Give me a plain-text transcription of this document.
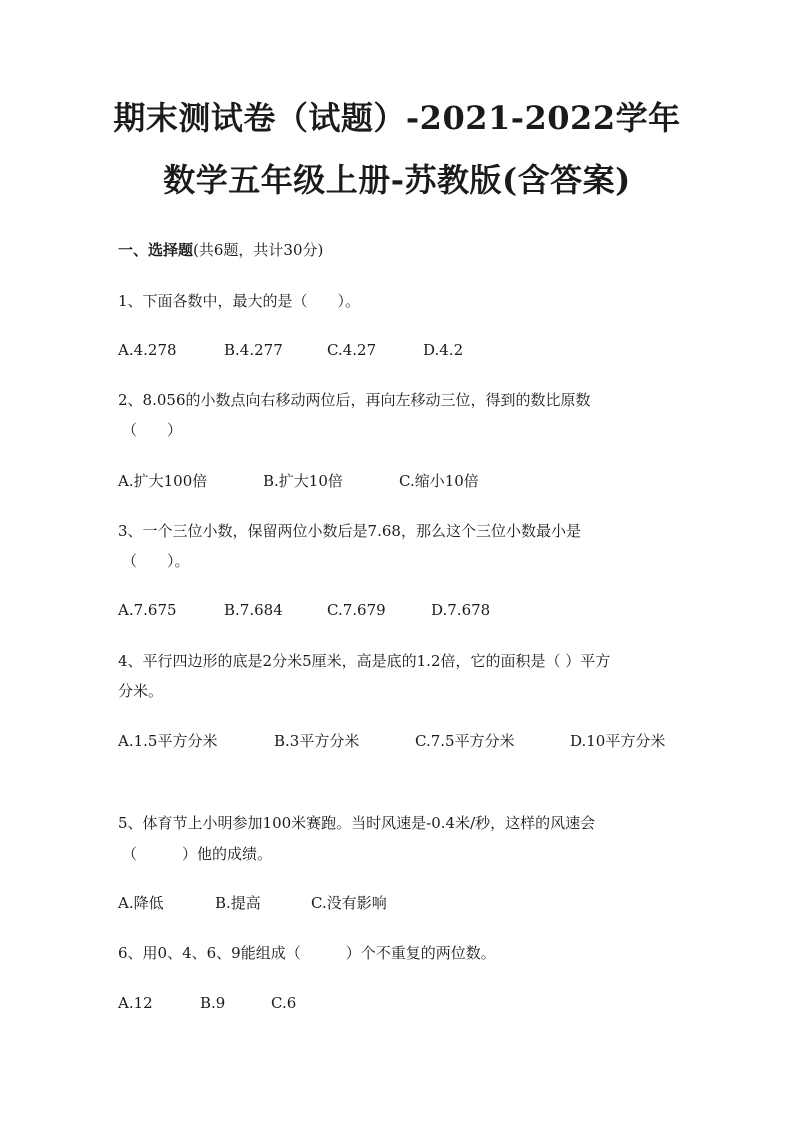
期末测试卷（试题）-2021-2022学年
数学五年级上册-苏教版(含答案)
一、选择题(共6题，共计30分)
1、下面各数中，最大的是（　　）。
A.4.278	B.4.277	C.4.27	D.4.2
2、8.056的小数点向右移动两位后，再向左移动三位，得到的数比原数
（　　）
A.扩大100倍	B.扩大10倍	C.缩小10倍
3、一个三位小数，保留两位小数后是7.68，那么这个三位小数最小是
（　　）。
A.7.675	B.7.684	C.7.679	D.7.678
4、平行四边形的底是2分米5厘米，高是底的1.2倍，它的面积是（ ）平方
分米。
A.1.5平方分米	B.3平方分米	C.7.5平方分米	D.10平方分米
5、体育节上小明参加100米赛跑。当时风速是-0.4米/秒，这样的风速会
（　　　）他的成绩。
A.降低	B.提高	C.没有影响
6、用0、4、6、9能组成（　　　）个不重复的两位数。
A.12	B.9	C.6
